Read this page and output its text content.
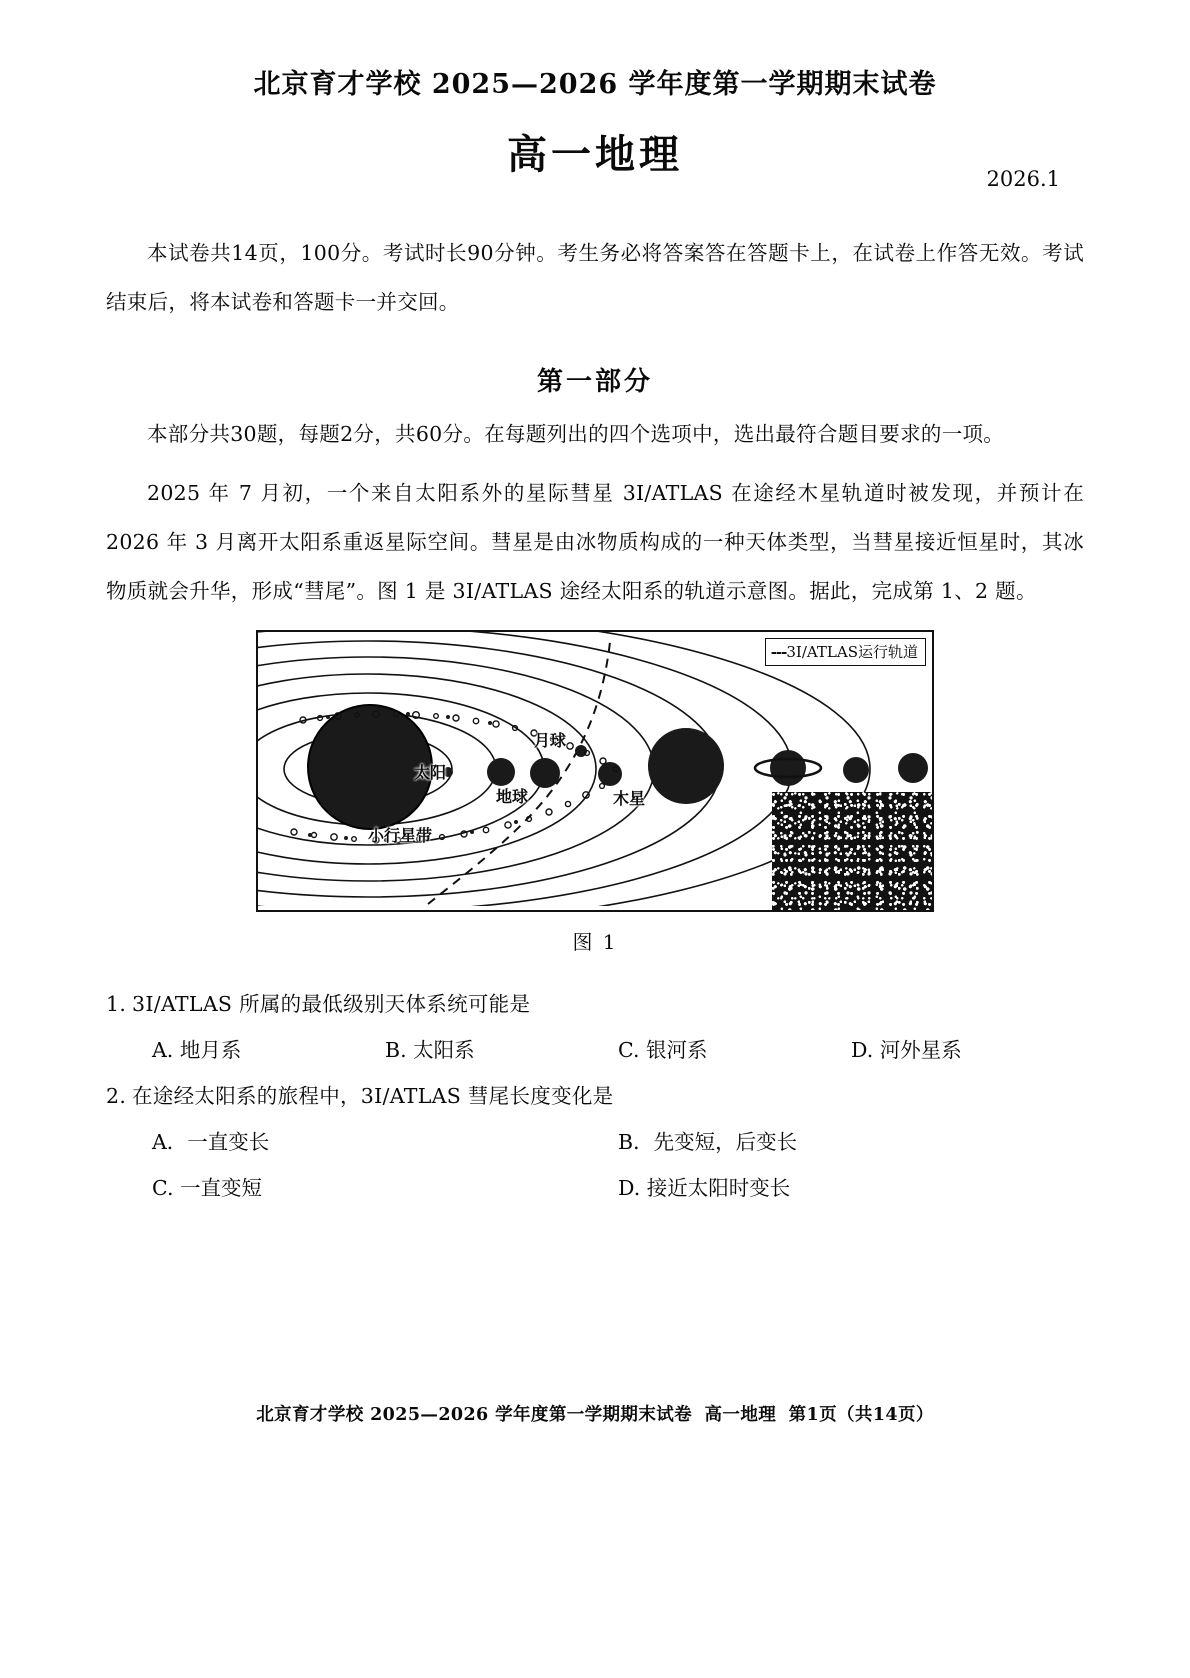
北京育才学校 2025—2026 学年度第一学期期末试卷
高一地理
2026.1

本试卷共14页，100分。考试时长90分钟。考生务必将答案答在答题卡上，在试卷上作答无效。考试结束后，将本试卷和答题卡一并交回。

第一部分

本部分共30题，每题2分，共60分。在每题列出的四个选项中，选出最符合题目要求的一项。

2025 年 7 月初，一个来自太阳系外的星际彗星 3I/ATLAS 在途经木星轨道时被发现，并预计在 2026 年 3 月离开太阳系重返星际空间。彗星是由冰物质构成的一种天体类型，当彗星接近恒星时，其冰物质就会升华，形成“彗尾”。图 1 是 3I/ATLAS 途经太阳系的轨道示意图。据此，完成第 1、2 题。

---3I/ATLAS运行轨道
太阳
地球
月球
木星
小行星带
图 1
1. 3I/ATLAS 所属的最低级别天体系统可能是
A. 地月系	B. 太阳系	C. 银河系	D. 河外星系
2. 在途经太阳系的旅程中，3I/ATLAS 彗尾长度变化是
A．一直变长	B．先变短，后变长
C. 一直变短	D. 接近太阳时变长
北京育才学校 2025—2026 学年度第一学期期末试卷 高一地理 第1页（共14页）
